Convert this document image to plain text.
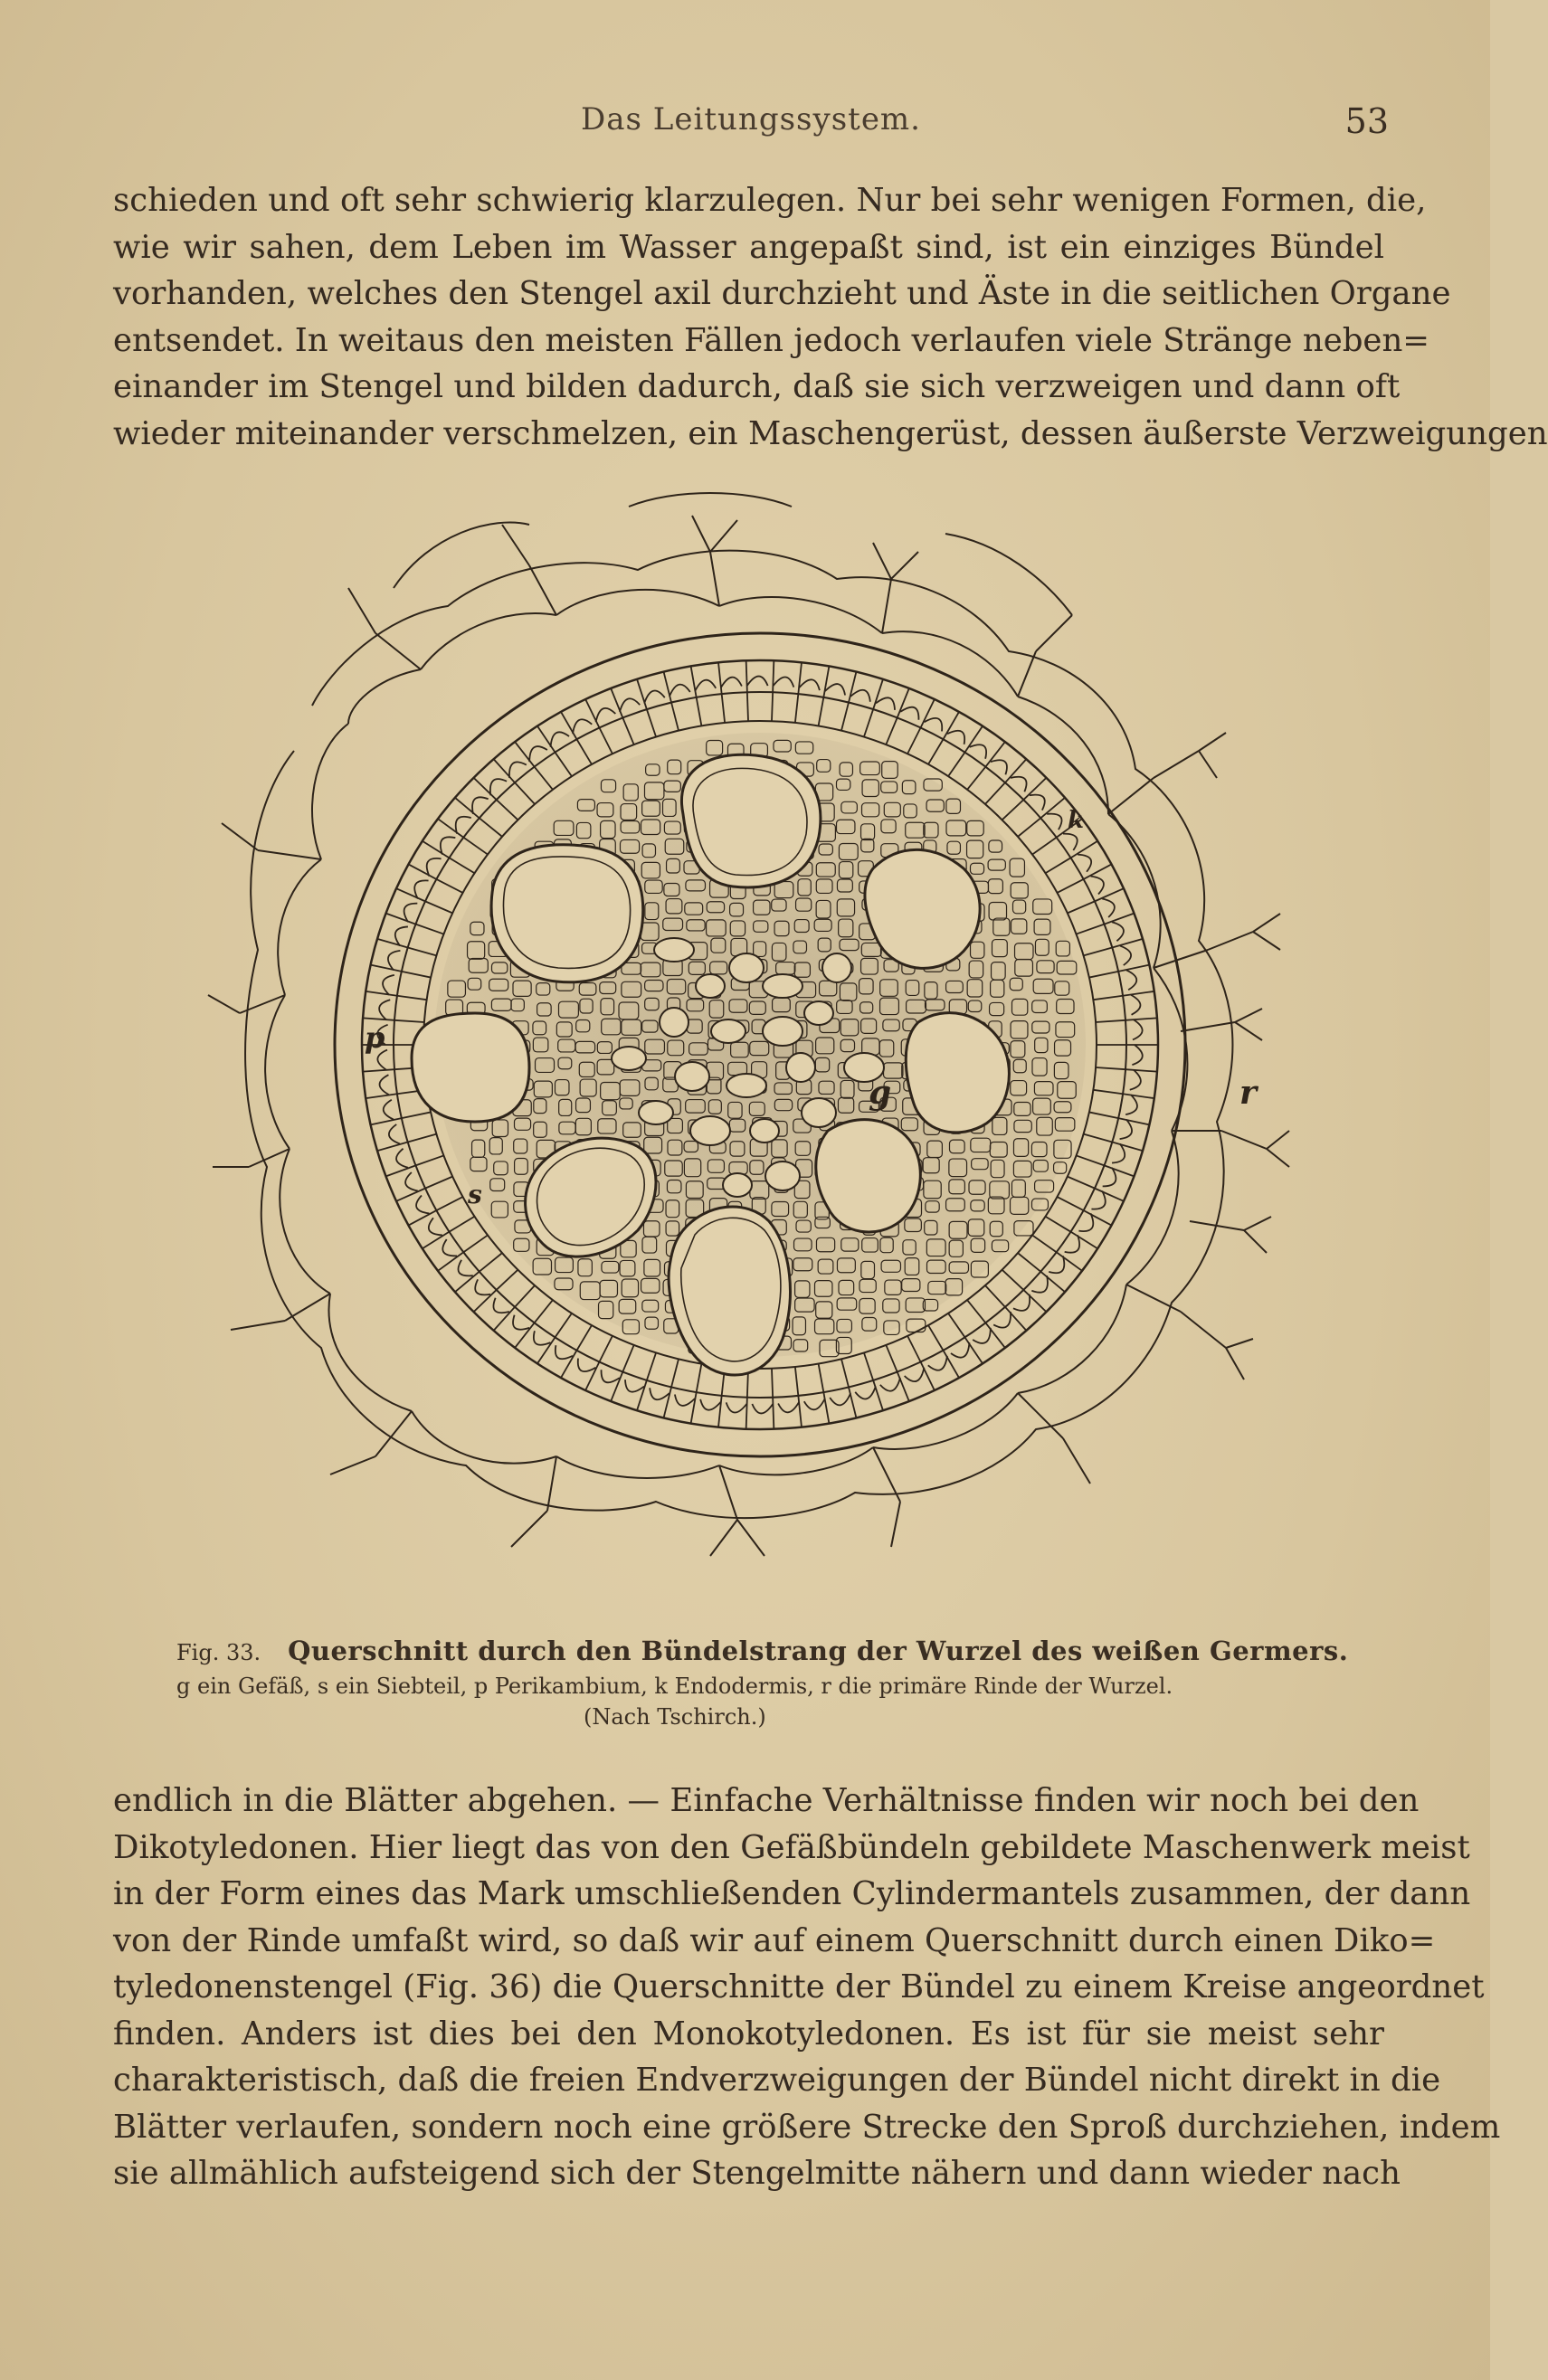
Das Leitungssystem.	53
schieden und oft sehr schwierig klarzulegen. Nur bei sehr wenigen Formen, die,
wie wir sahen, dem Leben im Wasser angepaßt sind, ist ein einziges Bündel
vorhanden, welches den Stengel axil durchzieht und Äste in die seitlichen Organe
entsendet. In weitaus den meisten Fällen jedoch verlaufen viele Stränge neben=
einander im Stengel und bilden dadurch, daß sie sich verzweigen und dann oft
wieder miteinander verschmelzen, ein Maschengerüst, dessen äußerste Verzweigungen
g
p
s
r
k
Fig. 33. Querschnitt durch den Bündelstrang der Wurzel des weißen Germers.
g ein Gefäß, s ein Siebteil, p Perikambium, k Endodermis, r die primäre Rinde der Wurzel.
(Nach Tschirch.)
endlich in die Blätter abgehen. — Einfache Verhältnisse finden wir noch bei den
Dikotyledonen. Hier liegt das von den Gefäßbündeln gebildete Maschenwerk meist
in der Form eines das Mark umschließenden Cylindermantels zusammen, der dann
von der Rinde umfaßt wird, so daß wir auf einem Querschnitt durch einen Diko=
tyledonenstengel (Fig. 36) die Querschnitte der Bündel zu einem Kreise angeordnet
finden. Anders ist dies bei den Monokotyledonen. Es ist für sie meist sehr
charakteristisch, daß die freien Endverzweigungen der Bündel nicht direkt in die
Blätter verlaufen, sondern noch eine größere Strecke den Sproß durchziehen, indem
sie allmählich aufsteigend sich der Stengelmitte nähern und dann wieder nach
